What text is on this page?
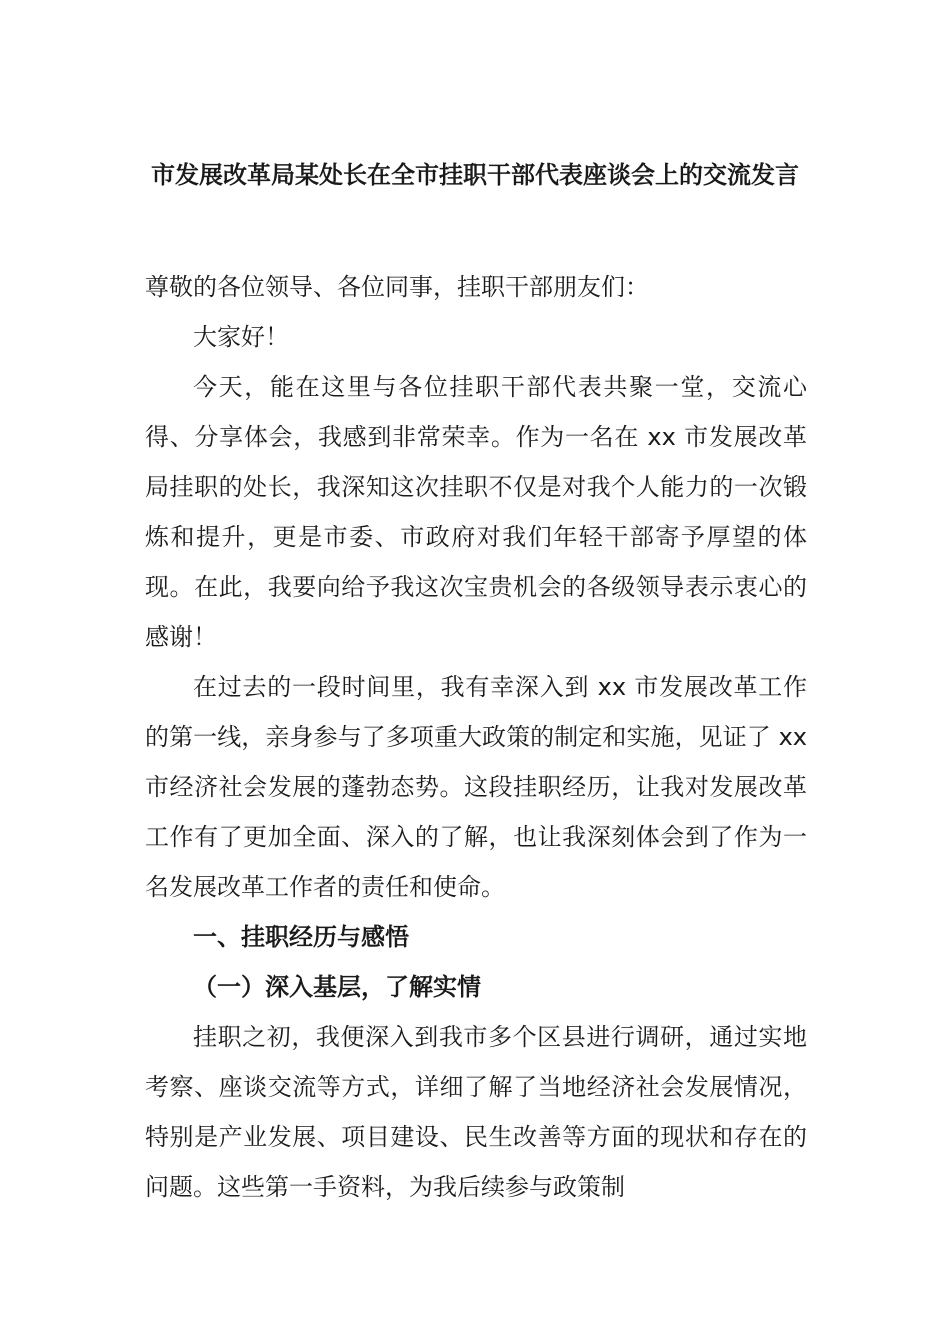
市发展改革局某处长在全市挂职干部代表座谈会上的交流发言

尊敬的各位领导、各位同事，挂职干部朋友们：

大家好！

今天，能在这里与各位挂职干部代表共聚一堂，交流心得、分享体会，我感到非常荣幸。作为一名在 xx 市发展改革局挂职的处长，我深知这次挂职不仅是对我个人能力的一次锻炼和提升，更是市委、市政府对我们年轻干部寄予厚望的体现。在此，我要向给予我这次宝贵机会的各级领导表示衷心的感谢！

在过去的一段时间里，我有幸深入到 xx 市发展改革工作的第一线，亲身参与了多项重大政策的制定和实施，见证了 xx 市经济社会发展的蓬勃态势。这段挂职经历，让我对发展改革工作有了更加全面、深入的了解，也让我深刻体会到了作为一名发展改革工作者的责任和使命。

一、挂职经历与感悟

（一）深入基层，了解实情

挂职之初，我便深入到我市多个区县进行调研，通过实地考察、座谈交流等方式，详细了解了当地经济社会发展情况，特别是产业发展、项目建设、民生改善等方面的现状和存在的问题。这些第一手资料，为我后续参与政策制
